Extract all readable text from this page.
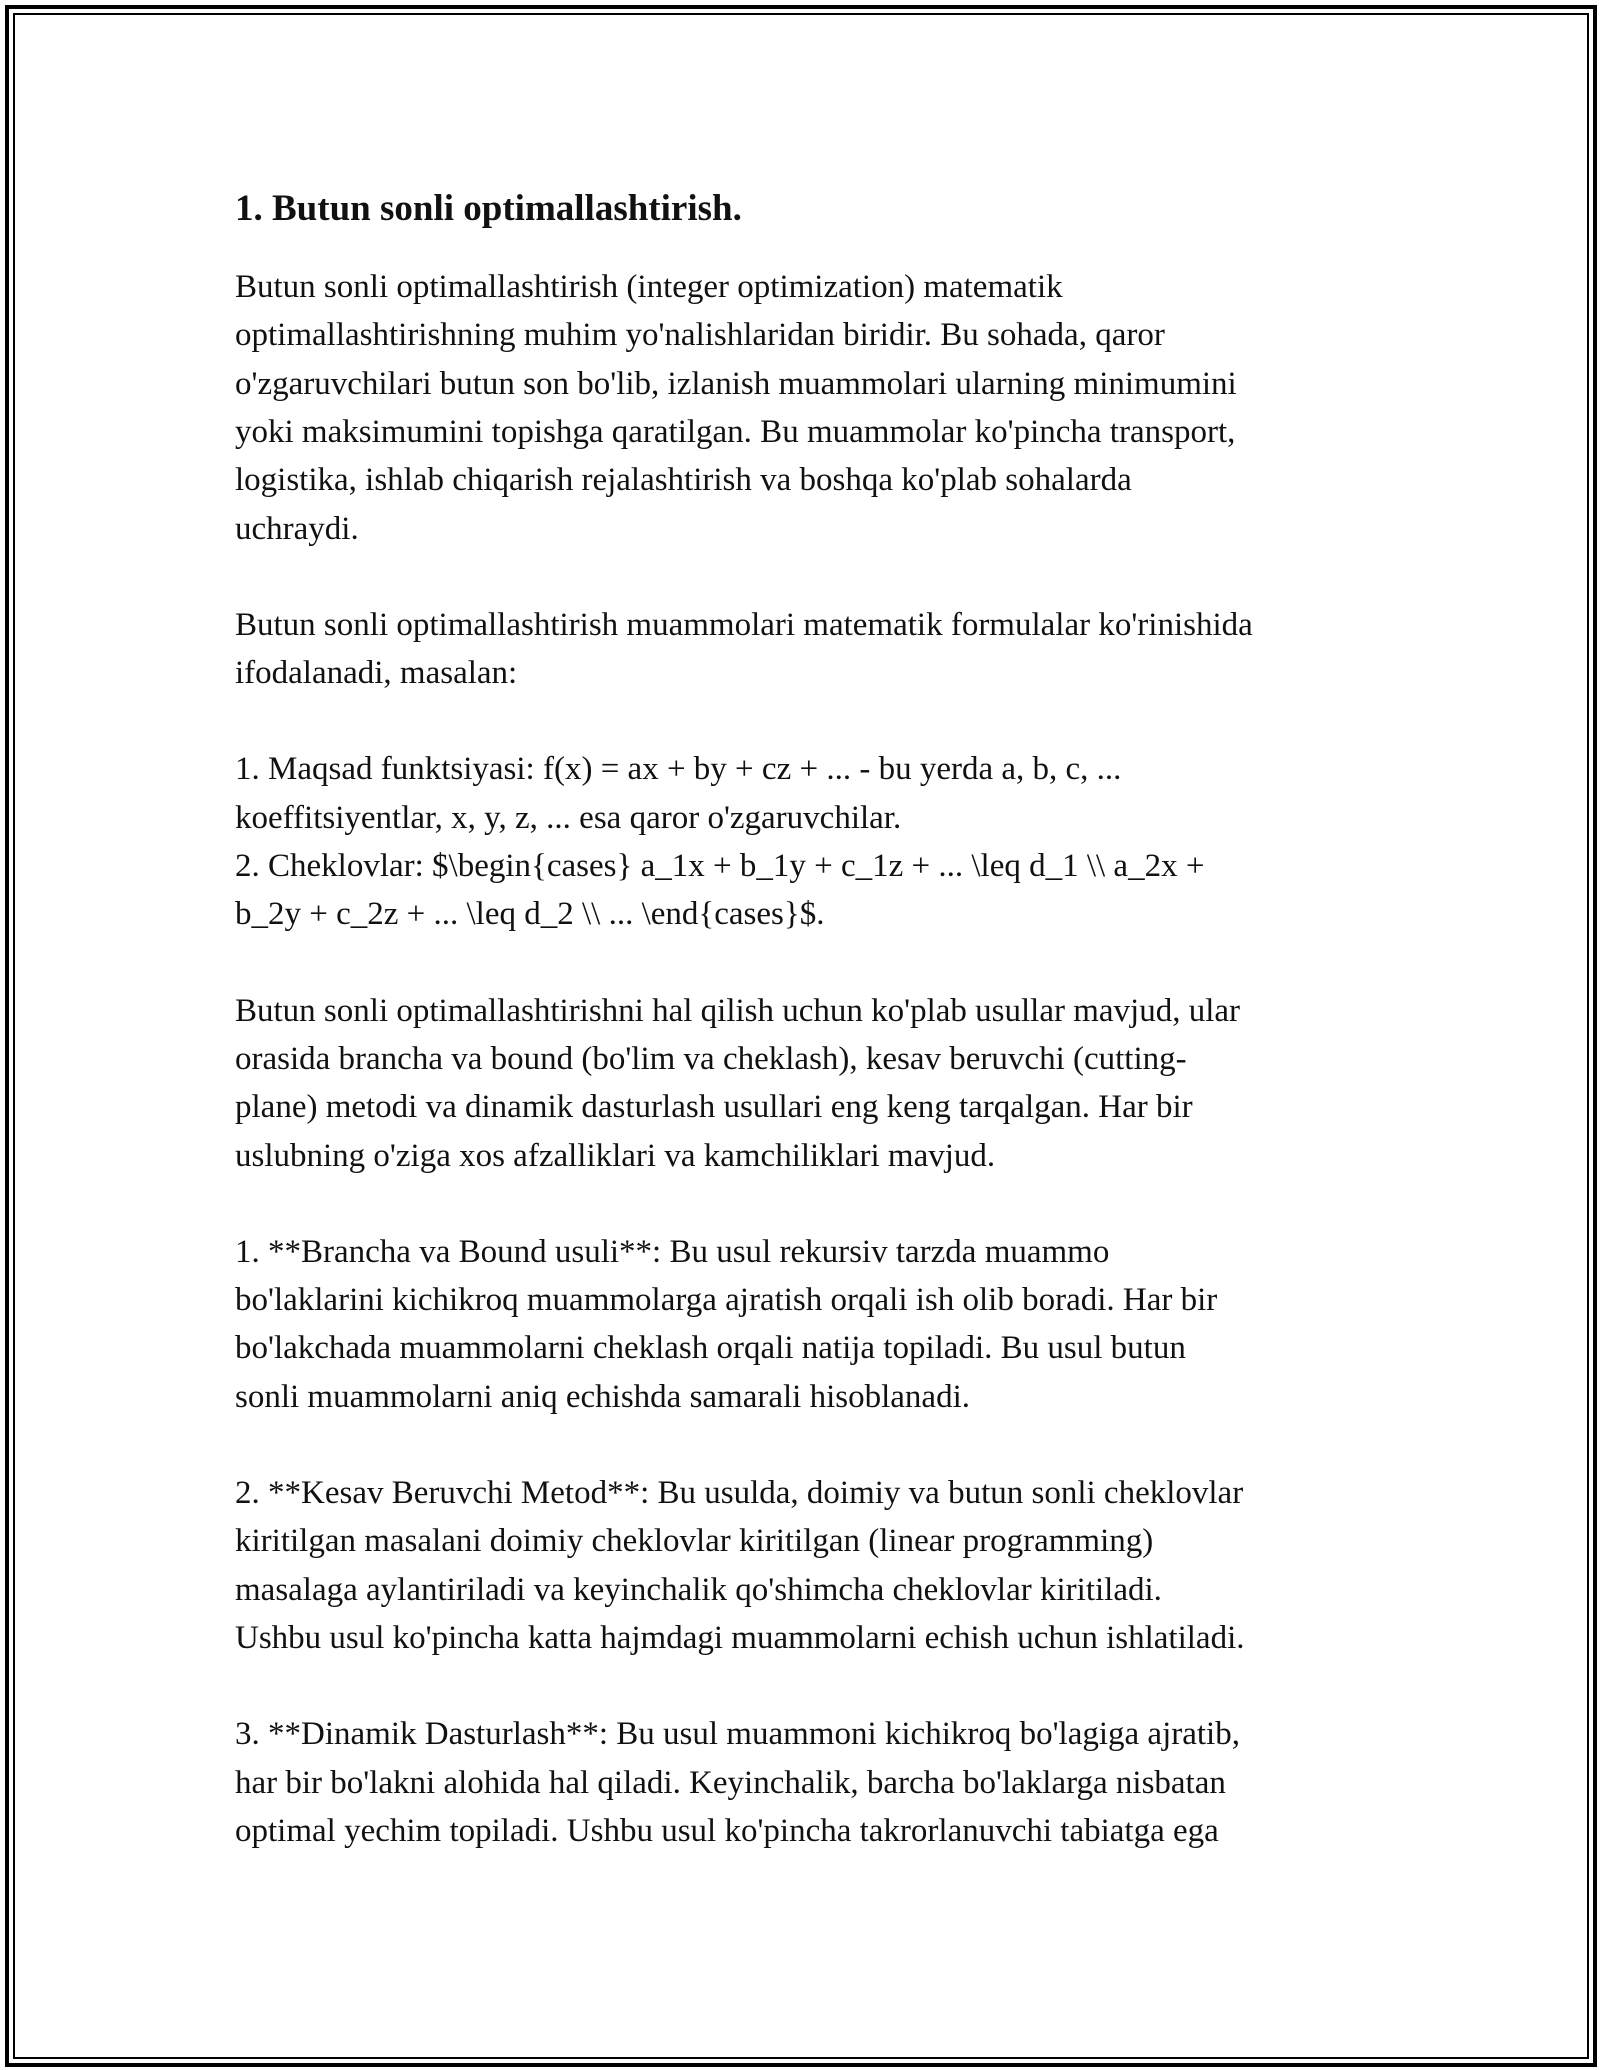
1. Butun sonli optimallashtirish.

Butun sonli optimallashtirish (integer optimization) matematik
optimallashtirishning muhim yo'nalishlaridan biridir. Bu sohada, qaror
o'zgaruvchilari butun son bo'lib, izlanish muammolari ularning minimumini
yoki maksimumini topishga qaratilgan. Bu muammolar ko'pincha transport,
logistika, ishlab chiqarish rejalashtirish va boshqa ko'plab sohalarda
uchraydi.

Butun sonli optimallashtirish muammolari matematik formulalar ko'rinishida
ifodalanadi, masalan:

1. Maqsad funktsiyasi: f(x) = ax + by + cz + ... - bu yerda a, b, c, ...
koeffitsiyentlar, x, y, z, ... esa qaror o'zgaruvchilar.
2. Cheklovlar: $\begin{cases} a_1x + b_1y + c_1z + ... \leq d_1 \\ a_2x +
b_2y + c_2z + ... \leq d_2 \\ ... \end{cases}$.

Butun sonli optimallashtirishni hal qilish uchun ko'plab usullar mavjud, ular
orasida brancha va bound (bo'lim va cheklash), kesav beruvchi (cutting-
plane) metodi va dinamik dasturlash usullari eng keng tarqalgan. Har bir
uslubning o'ziga xos afzalliklari va kamchiliklari mavjud.

1. **Brancha va Bound usuli**: Bu usul rekursiv tarzda muammo
bo'laklarini kichikroq muammolarga ajratish orqali ish olib boradi. Har bir
bo'lakchada muammolarni cheklash orqali natija topiladi. Bu usul butun
sonli muammolarni aniq echishda samarali hisoblanadi.

2. **Kesav Beruvchi Metod**: Bu usulda, doimiy va butun sonli cheklovlar
kiritilgan masalani doimiy cheklovlar kiritilgan (linear programming)
masalaga aylantiriladi va keyinchalik qo'shimcha cheklovlar kiritiladi.
Ushbu usul ko'pincha katta hajmdagi muammolarni echish uchun ishlatiladi.

3. **Dinamik Dasturlash**: Bu usul muammoni kichikroq bo'lagiga ajratib,
har bir bo'lakni alohida hal qiladi. Keyinchalik, barcha bo'laklarga nisbatan
optimal yechim topiladi. Ushbu usul ko'pincha takrorlanuvchi tabiatga ega
